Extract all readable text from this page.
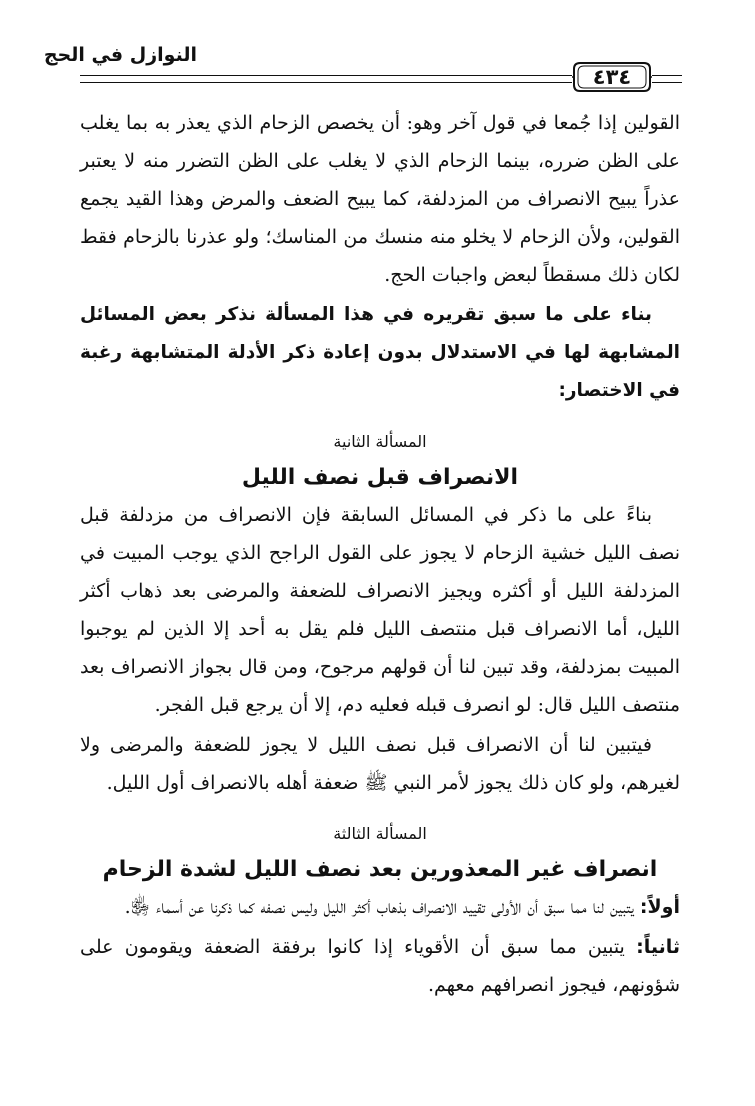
النوازل في الحج
٤٣٤

القولين إذا جُمعا في قول آخر وهو: أن يخصص الزحام الذي يعذر به بما يغلب على الظن ضرره، بينما الزحام الذي لا يغلب على الظن التضرر منه لا يعتبر عذراً يبيح الانصراف من المزدلفة، كما يبيح الضعف والمرض وهذا القيد يجمع القولين، ولأن الزحام لا يخلو منه منسك من المناسك؛ ولو عذرنا بالزحام فقط لكان ذلك مسقطاً لبعض واجبات الحج.

بناء على ما سبق تقريره في هذا المسألة نذكر بعض المسائل المشابهة لها في الاستدلال بدون إعادة ذكر الأدلة المتشابهة رغبة في الاختصار:

المسألة الثانية

الانصراف قبل نصف الليل

بناءً على ما ذكر في المسائل السابقة فإن الانصراف من مزدلفة قبل نصف الليل خشية الزحام لا يجوز على القول الراجح الذي يوجب المبيت في المزدلفة الليل أو أكثره ويجيز الانصراف للضعفة والمرضى بعد ذهاب أكثر الليل، أما الانصراف قبل منتصف الليل فلم يقل به أحد إلا الذين لم يوجبوا المبيت بمزدلفة، وقد تبين لنا أن قولهم مرجوح، ومن قال بجواز الانصراف بعد منتصف الليل قال: لو انصرف قبله فعليه دم، إلا أن يرجع قبل الفجر.

فيتبين لنا أن الانصراف قبل نصف الليل لا يجوز للضعفة والمرضى ولا لغيرهم، ولو كان ذلك يجوز لأمر النبي ﷺ ضعفة أهله بالانصراف أول الليل.

المسألة الثالثة

انصراف غير المعذورين بعد نصف الليل لشدة الزحام

أولاً: يتبين لنا مما سبق أن الأولى تقييد الانصراف بذهاب أكثر الليل وليس نصفه كما ذكرنا عن أسماء ﵂.

ثانياً: يتبين مما سبق أن الأقوياء إذا كانوا برفقة الضعفة ويقومون على شؤونهم، فيجوز انصرافهم معهم.
